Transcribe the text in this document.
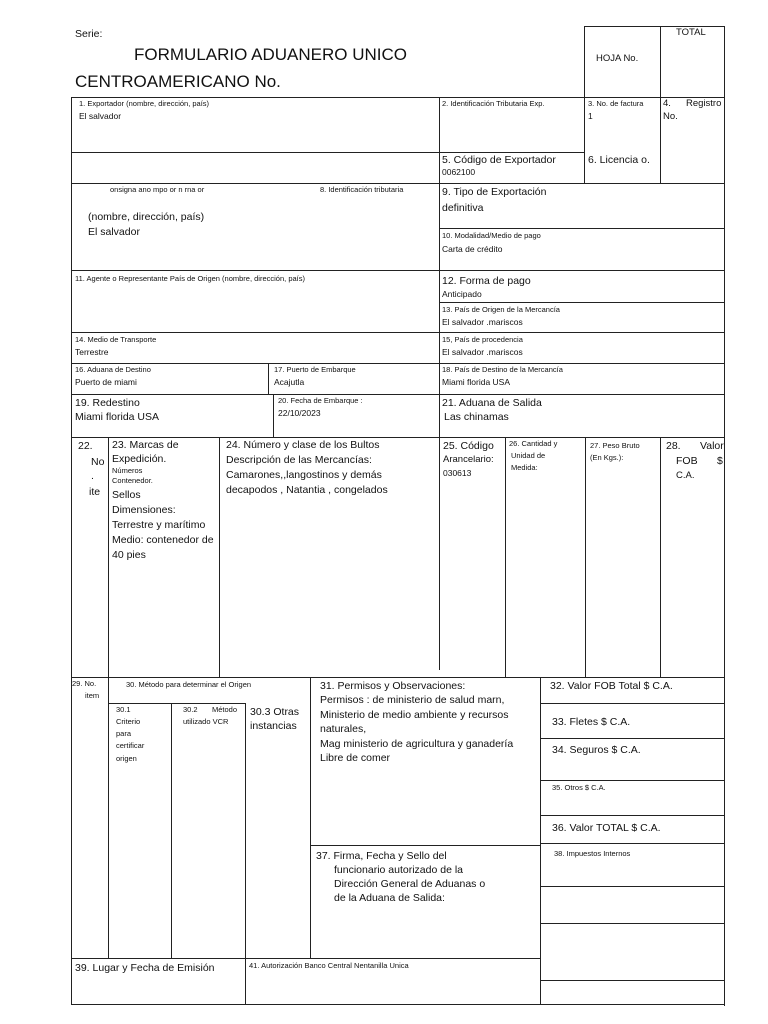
Serie:
FORMULARIO ADUANERO UNICO
CENTROAMERICANO No.
HOJA No.
TOTAL
1. Exportador (nombre, dirección, país)
El salvador
2. Identificación Tributaria Exp.	3. No. de factura
1
4. Registro
No.
5. Código de Exportador
0062100
6. Licencia o.
onsigna ano mpo or n rna or
(nombre, dirección, país)
El salvador
8. Identificación tributaria	9. Tipo de Exportación
definitiva
10. Modalidad/Medio de pago
Carta de crédito
11. Agente o Representante País de Origen (nombre, dirección, país)	12. Forma de pago
Anticipado
13. País de Origen de la Mercancía
El salvador .mariscos
14. Medio de Transporte
Terrestre
15, País de procedencia
El salvador .mariscos
16. Aduana de Destino
Puerto de miami
17. Puerto de Embarque
Acajutla
18. País de Destino de la Mercancía
Miami florida USA
19. Redestino
Miami florida USA
20. Fecha de Embarque :
22/10/2023
21. Aduana de Salida
Las chinamas
22.
No
.
ite
23. Marcas de
Expedición.
Números
Contenedor.
Sellos
Dimensiones:
Terrestre y marítimo
Medio: contenedor de
40 pies
24. Número y clase de los Bultos
Descripción de las Mercancías:
Camarones,,langostinos y demás
decapodos , Natantia , congelados
25. Código
Arancelario:
030613
26. Cantidad y
Unidad de
Medida:
27. Peso Bruto
(En Kgs.):
28. Valor
FOB $
C.A.
29. No.
item
30. Método para determinar el Origen
30.1
Criterio
para
certificar
origen
30.2 Método
utilizado VCR
30.3 Otras
instancias
31. Permisos y Observaciones:
Permisos : de ministerio de salud marn,
Ministerio de medio ambiente y recursos
naturales,
Mag ministerio de agricultura y ganadería
Libre de comer
32. Valor FOB Total $ C.A.
33. Fletes $ C.A.
34. Seguros $ C.A.
35. Otros $ C.A.
36. Valor TOTAL $ C.A.
37. Firma, Fecha y Sello del
funcionario autorizado de la
Dirección General de Aduanas o
de la Aduana de Salida:
38. Impuestos Internos
39. Lugar y Fecha de Emisión	41. Autorización Banco Central Nentanilla Unica
